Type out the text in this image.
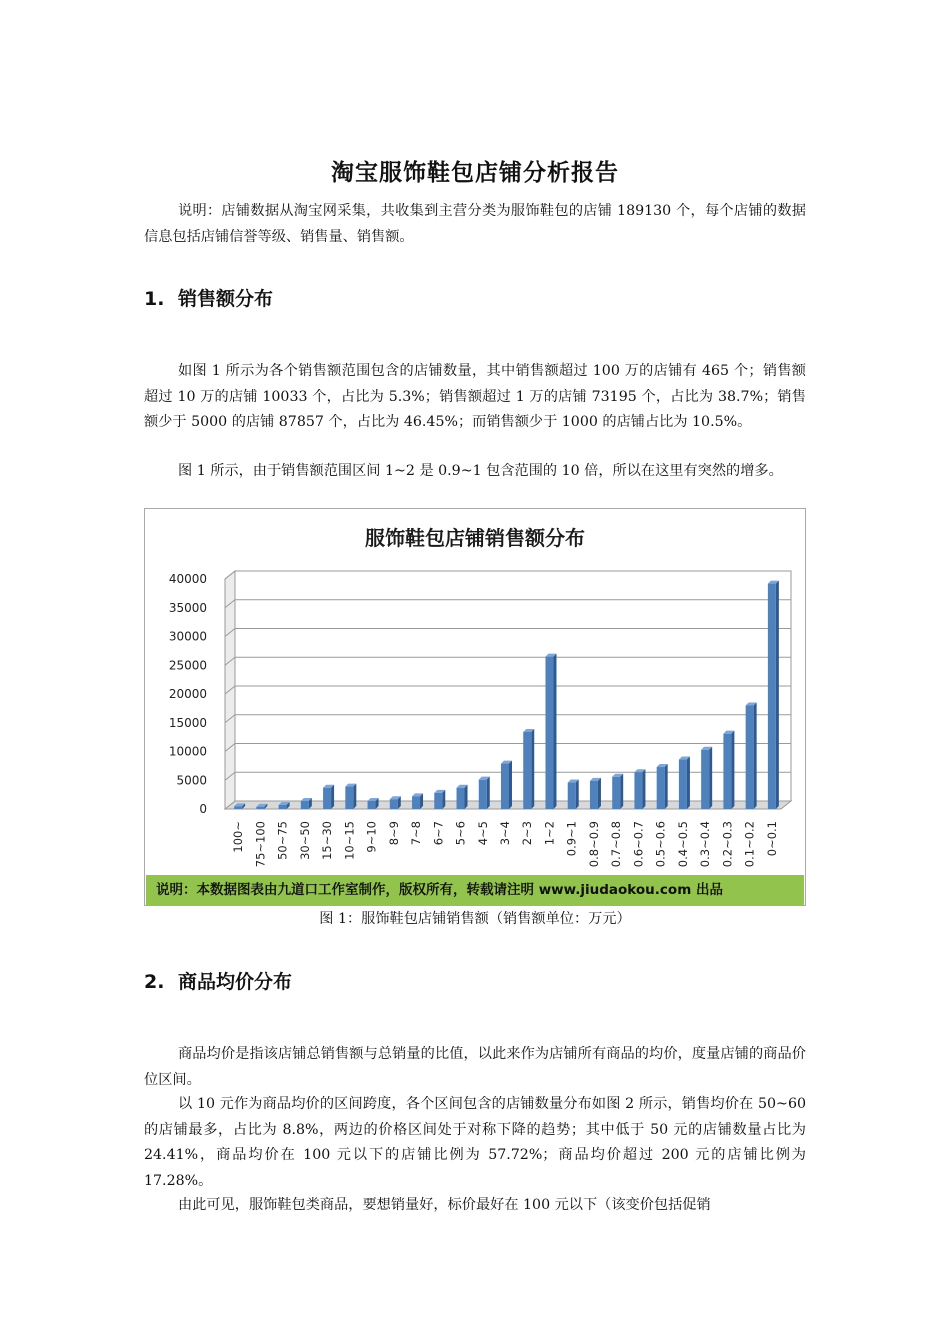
淘宝服饰鞋包店铺分析报告
说明：店铺数据从淘宝网采集，共收集到主营分类为服饰鞋包的店铺 189130 个，每个店铺的数据信息包括店铺信誉等级、销售量、销售额。
1. 销售额分布
如图 1 所示为各个销售额范围包含的店铺数量，其中销售额超过 100 万的店铺有 465 个；销售额超过 10 万的店铺 10033 个，占比为 5.3%；销售额超过 1 万的店铺 73195 个，占比为 38.7%；销售额少于 5000 的店铺 87857 个，占比为 46.45%；而销售额少于 1000 的店铺占比为 10.5%。
图 1 所示，由于销售额范围区间 1~2 是 0.9~1 包含范围的 10 倍，所以在这里有突然的增多。
服饰鞋包店铺销售额分布
0
5000
10000
15000
20000
25000
30000
35000
40000
100~ 75~100 50~75 30~50 15~30 10~15 9~10 8~9 7~8 6~7 5~6 4~5 3~4 2~3 1~2 0.9~1 0.8~0.9 0.7~0.8 0.6~0.7 0.5~0.6 0.4~0.5 0.3~0.4 0.2~0.3 0.1~0.2 0~0.1
说明：本数据图表由九道口工作室制作，版权所有，转载请注明 www.jiudaokou.com 出品
图 1：服饰鞋包店铺销售额（销售额单位：万元）
2. 商品均价分布
商品均价是指该店铺总销售额与总销量的比值，以此来作为店铺所有商品的均价，度量店铺的商品价位区间。
以 10 元作为商品均价的区间跨度，各个区间包含的店铺数量分布如图 2 所示，销售均价在 50~60 的店铺最多，占比为 8.8%，两边的价格区间处于对称下降的趋势；其中低于 50 元的店铺数量占比为 24.41%，商品均价在 100 元以下的店铺比例为 57.72%；商品均价超过 200 元的店铺比例为 17.28%。
由此可见，服饰鞋包类商品，要想销量好，标价最好在 100 元以下（该变价包括促销
